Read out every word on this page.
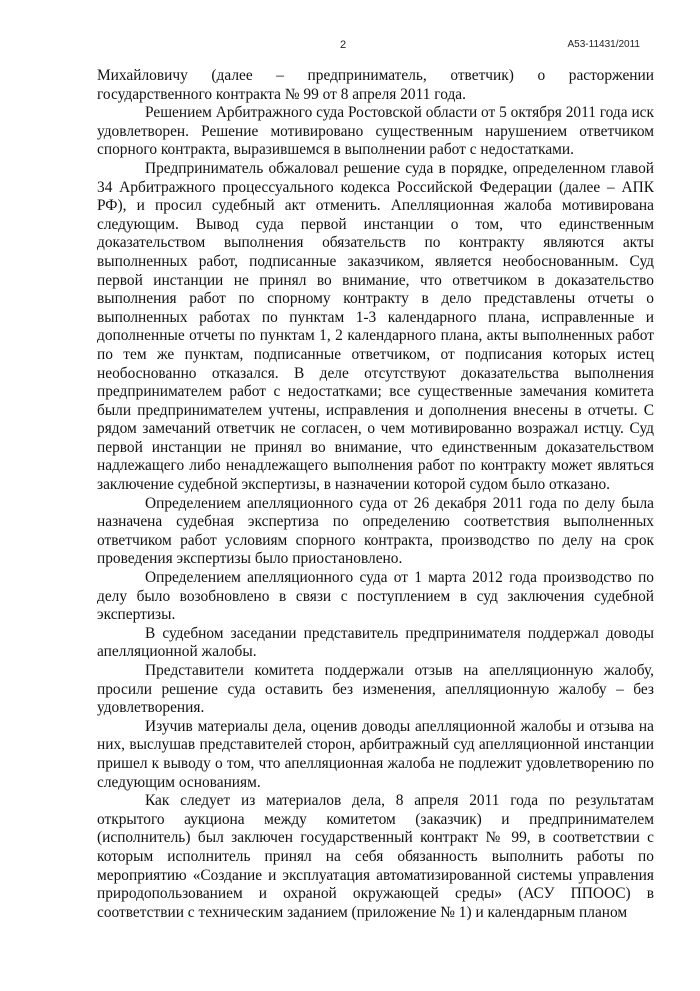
2	А53-11431/2011

Михайловичу (далее – предприниматель, ответчик) о расторжении государственного контракта № 99 от 8 апреля 2011 года.

Решением Арбитражного суда Ростовской области от 5 октября 2011 года иск удовлетворен. Решение мотивировано существенным нарушением ответчиком спорного контракта, выразившемся в выполнении работ с недостатками.

Предприниматель обжаловал решение суда в порядке, определенном главой 34 Арбитражного процессуального кодекса Российской Федерации (далее – АПК РФ), и просил судебный акт отменить. Апелляционная жалоба мотивирована следующим. Вывод суда первой инстанции о том, что единственным доказательством выполнения обязательств по контракту являются акты выполненных работ, подписанные заказчиком, является необоснованным. Суд первой инстанции не принял во внимание, что ответчиком в доказательство выполнения работ по спорному контракту в дело представлены отчеты о выполненных работах по пунктам 1-3 календарного плана, исправленные и дополненные отчеты по пунктам 1, 2 календарного плана, акты выполненных работ по тем же пунктам, подписанные ответчиком, от подписания которых истец необоснованно отказался. В деле отсутствуют доказательства выполнения предпринимателем работ с недостатками; все существенные замечания комитета были предпринимателем учтены, исправления и дополнения внесены в отчеты. С рядом замечаний ответчик не согласен, о чем мотивированно возражал истцу. Суд первой инстанции не принял во внимание, что единственным доказательством надлежащего либо ненадлежащего выполнения работ по контракту может являться заключение судебной экспертизы, в назначении которой судом было отказано.

Определением апелляционного суда от 26 декабря 2011 года по делу была назначена судебная экспертиза по определению соответствия выполненных ответчиком работ условиям спорного контракта, производство по делу на срок проведения экспертизы было приостановлено.

Определением апелляционного суда от 1 марта 2012 года производство по делу было возобновлено в связи с поступлением в суд заключения судебной экспертизы.

В судебном заседании представитель предпринимателя поддержал доводы апелляционной жалобы.

Представители комитета поддержали отзыв на апелляционную жалобу, просили решение суда оставить без изменения, апелляционную жалобу – без удовлетворения.

Изучив материалы дела, оценив доводы апелляционной жалобы и отзыва на них, выслушав представителей сторон, арбитражный суд апелляционной инстанции пришел к выводу о том, что апелляционная жалоба не подлежит удовлетворению по следующим основаниям.

Как следует из материалов дела, 8 апреля 2011 года по результатам открытого аукциона между комитетом (заказчик) и предпринимателем (исполнитель) был заключен государственный контракт № 99, в соответствии с которым исполнитель принял на себя обязанность выполнить работы по мероприятию «Создание и эксплуатация автоматизированной системы управления природопользованием и охраной окружающей среды» (АСУ ППООС) в соответствии с техническим заданием (приложение № 1) и календарным планом
